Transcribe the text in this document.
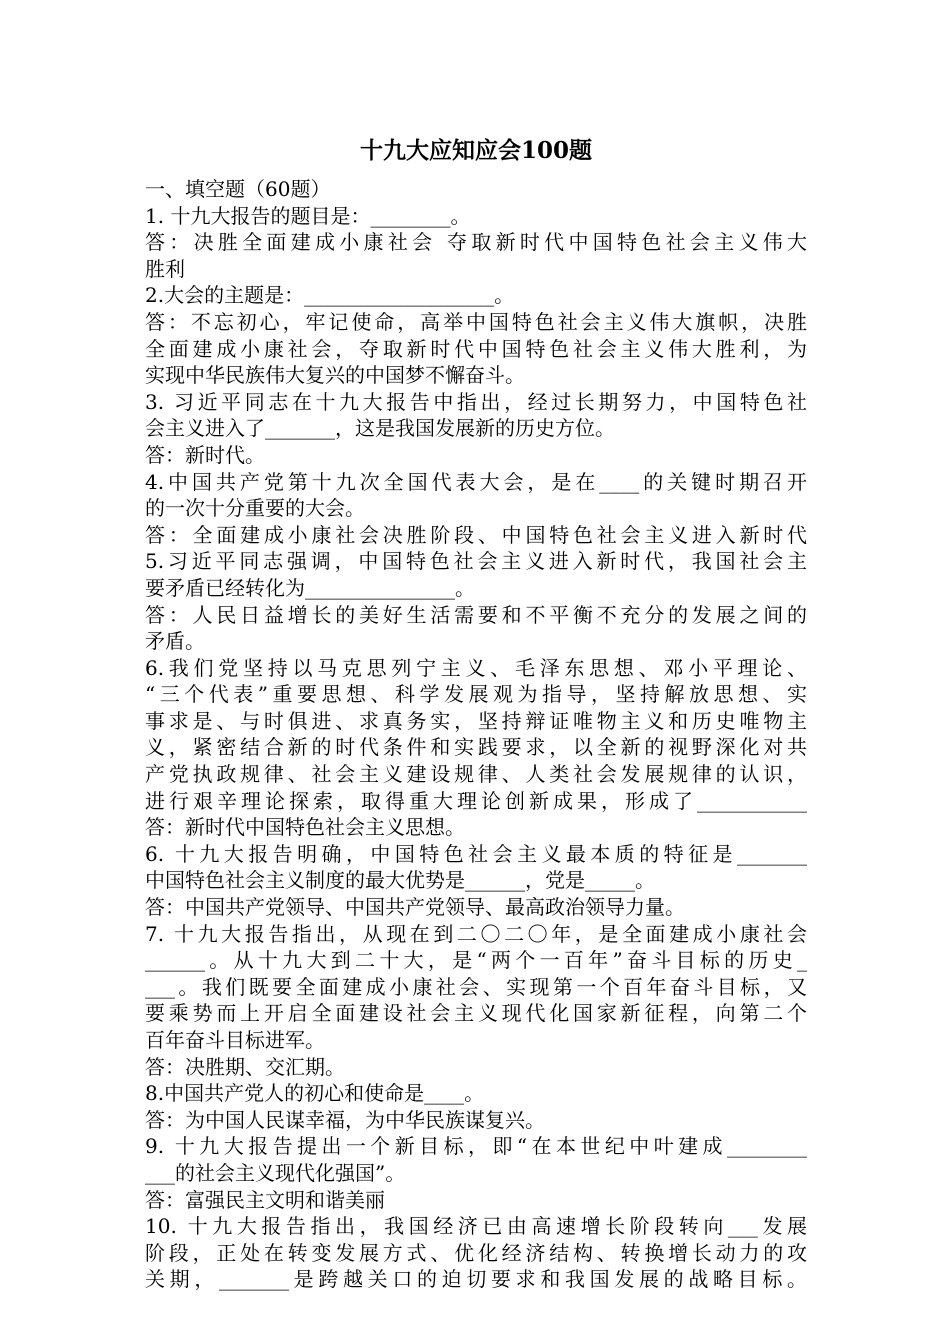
十九大应知应会100题
一、填空题（60题）
1. 十九大报告的题目是：________。
答：决胜全面建成小康社会 夺取新时代中国特色社会主义伟大
胜利
2.大会的主题是：___________________。
答：不忘初心，牢记使命，高举中国特色社会主义伟大旗帜，决胜
全面建成小康社会，夺取新时代中国特色社会主义伟大胜利，为
实现中华民族伟大复兴的中国梦不懈奋斗。
3. 习近平同志在十九大报告中指出，经过长期努力，中国特色社
会主义进入了_______，这是我国发展新的历史方位。
答：新时代。
4.中国共产党第十九次全国代表大会，是在____的关键时期召开
的一次十分重要的大会。
答：全面建成小康社会决胜阶段、中国特色社会主义进入新时代
5.习近平同志强调，中国特色社会主义进入新时代，我国社会主
要矛盾已经转化为_______________。
答：人民日益增长的美好生活需要和不平衡不充分的发展之间的
矛盾。
6.我们党坚持以马克思列宁主义、毛泽东思想、邓小平理论、
“三个代表”重要思想、科学发展观为指导，坚持解放思想、实
事求是、与时俱进、求真务实，坚持辩证唯物主义和历史唯物主
义，紧密结合新的时代条件和实践要求，以全新的视野深化对共
产党执政规律、社会主义建设规律、人类社会发展规律的认识，
进行艰辛理论探索，取得重大理论创新成果，形成了___________
答：新时代中国特色社会主义思想。
6. 十九大报告明确，中国特色社会主义最本质的特征是_______
中国特色社会主义制度的最大优势是______，党是_____。
答：中国共产党领导、中国共产党领导、最高政治领导力量。
7. 十九大报告指出，从现在到二〇二〇年，是全面建成小康社会
______。从十九大到二十大，是“两个一百年”奋斗目标的历史_
___。我们既要全面建成小康社会、实现第一个百年奋斗目标，又
要乘势而上开启全面建设社会主义现代化国家新征程，向第二个
百年奋斗目标进军。
答：决胜期、交汇期。
8.中国共产党人的初心和使命是____。
答：为中国人民谋幸福，为中华民族谋复兴。
9. 十九大报告提出一个新目标，即“在本世纪中叶建成________
___的社会主义现代化强国”。
答：富强民主文明和谐美丽
10. 十九大报告指出，我国经济已由高速增长阶段转向___发展
阶段，正处在转变发展方式、优化经济结构、转换增长动力的攻
关期，_______是跨越关口的迫切要求和我国发展的战略目标。
